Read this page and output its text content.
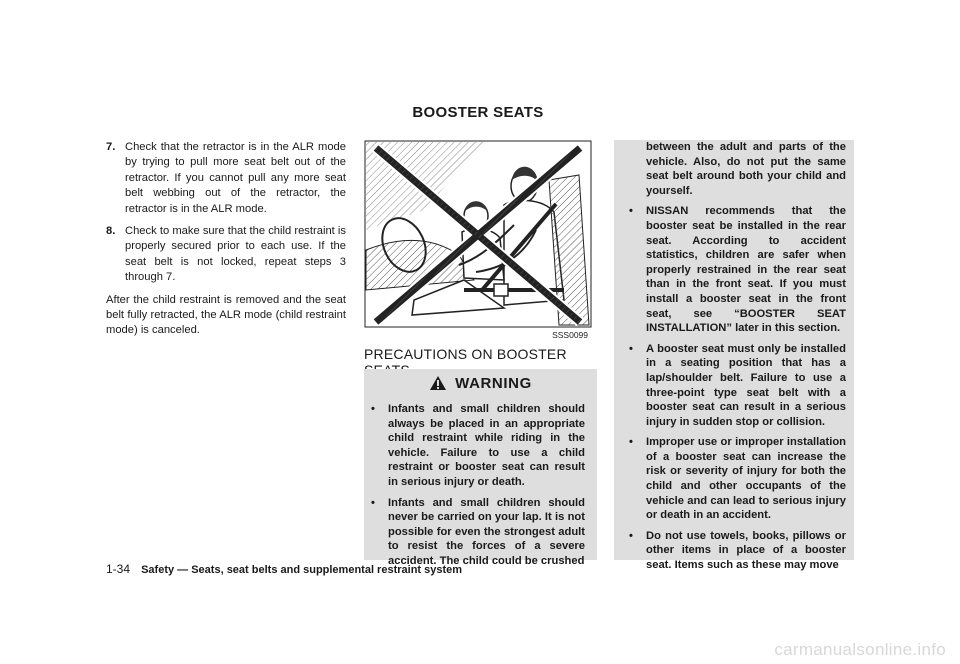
BOOSTER SEATS
7. Check that the retractor is in the ALR mode by trying to pull more seat belt out of the retractor. If you cannot pull any more seat belt webbing out of the retractor, the retractor is in the ALR mode.
8. Check to make sure that the child restraint is properly secured prior to each use. If the seat belt is not locked, repeat steps 3 through 7.

After the child restraint is removed and the seat belt fully retracted, the ALR mode (child restraint mode) is canceled.	SSS0099
PRECAUTIONS ON BOOSTER
WARNING
• Infants and small children should always be placed in an appropriate child restraint while riding in the vehicle. Failure to use a child restraint or booster seat can result in serious injury or death.
• Infants and small children should never be carried on your lap. It is not possible for even the strongest adult to resist the forces of a severe accident. The child could be crushed

between the adult and parts of the vehicle. Also, do not put the same seat belt around both your child and yourself.

• NISSAN recommends that the booster seat be installed in the rear seat. According to accident statistics, children are safer when properly restrained in the rear seat than in the front seat. If you must install a booster seat in the front seat, see “BOOSTER SEAT INSTALLATION” later in this section.
• A booster seat must only be installed in a seating position that has a lap/shoulder belt. Failure to use a three-point type seat belt with a booster seat can result in a serious injury in sudden stop or collision.
• Improper use or improper installation of a booster seat can increase the risk or severity of injury for both the child and other occupants of the vehicle and can lead to serious injury or death in an accident.
• Do not use towels, books, pillows or other items in place of a booster seat. Items such as these may move
1-34 Safety — Seats, seat belts and supplemental restraint system
carmanualsonline.info
